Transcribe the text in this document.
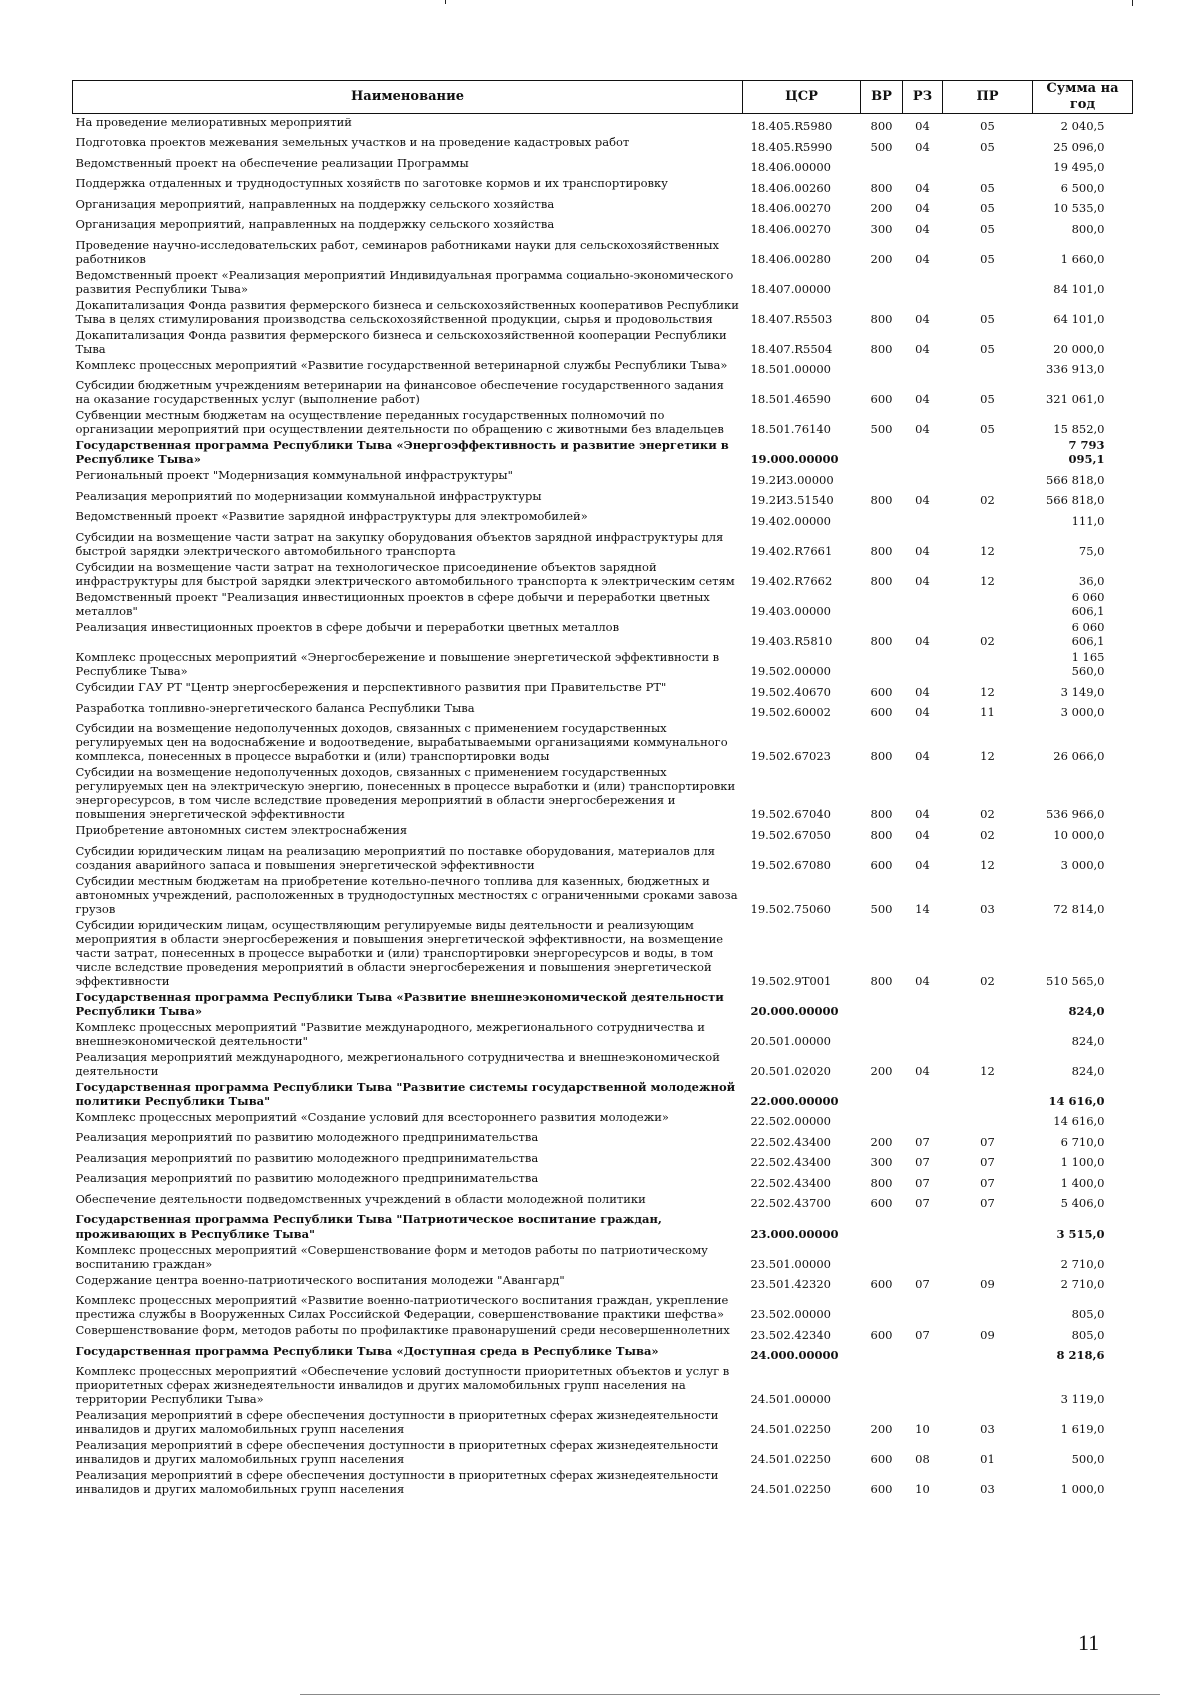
Наименование	ЦСР	ВР	РЗ	ПР	Сумма на год
На проведение мелиоративных мероприятий	18.405.R5980	800	04	05	2 040,5
Подготовка проектов межевания земельных участков и на проведение кадастровых работ	18.405.R5990	500	04	05	25 096,0
Ведомственный проект на обеспечение реализации Программы	18.406.00000				19 495,0
Поддержка отдаленных и труднодоступных хозяйств по заготовке кормов и их транспортировку	18.406.00260	800	04	05	6 500,0
Организация мероприятий, направленных на поддержку сельского хозяйства	18.406.00270	200	04	05	10 535,0
Организация мероприятий, направленных на поддержку сельского хозяйства	18.406.00270	300	04	05	800,0
Проведение научно-исследовательских работ, семинаров работниками науки для сельскохозяйственных работников	18.406.00280	200	04	05	1 660,0
Ведомственный проект «Реализация мероприятий Индивидуальная программа социально-экономического развития Республики Тыва»	18.407.00000				84 101,0
Докапитализация Фонда развития фермерского бизнеса и сельскохозяйственных кооперативов Республики Тыва в целях стимулирования производства сельскохозяйственной продукции, сырья и продовольствия	18.407.R5503	800	04	05	64 101,0
Докапитализация Фонда развития фермерского бизнеса и сельскохозяйственной кооперации Республики Тыва	18.407.R5504	800	04	05	20 000,0
Комплекс процессных мероприятий «Развитие государственной ветеринарной службы Республики Тыва»	18.501.00000				336 913,0
Субсидии бюджетным учреждениям ветеринарии на финансовое обеспечение государственного задания на оказание государственных услуг (выполнение работ)	18.501.46590	600	04	05	321 061,0
Субвенции местным бюджетам на осуществление переданных государственных полномочий по организации мероприятий при осуществлении деятельности по обращению с животными без владельцев	18.501.76140	500	04	05	15 852,0
Государственная программа Республики Тыва «Энергоэффективность и развитие энергетики в Республике Тыва»	19.000.00000				7 793 095,1
Региональный проект "Модернизация коммунальной инфраструктуры"	19.2И3.00000				566 818,0
Реализация мероприятий по модернизации коммунальной инфраструктуры	19.2И3.51540	800	04	02	566 818,0
Ведомственный проект «Развитие зарядной инфраструктуры для электромобилей»	19.402.00000				111,0
Субсидии на возмещение части затрат на закупку оборудования объектов зарядной инфраструктуры для быстрой зарядки электрического автомобильного транспорта	19.402.R7661	800	04	12	75,0
Субсидии на возмещение части затрат на технологическое присоединение объектов зарядной инфраструктуры для быстрой зарядки электрического автомобильного транспорта к электрическим сетям	19.402.R7662	800	04	12	36,0
Ведомственный проект "Реализация инвестиционных проектов в сфере добычи и переработки цветных металлов"	19.403.00000				6 060 606,1
Реализация инвестиционных проектов в сфере добычи и переработки цветных металлов	19.403.R5810	800	04	02	6 060 606,1
Комплекс процессных мероприятий «Энергосбережение и повышение энергетической эффективности в Республике Тыва»	19.502.00000				1 165 560,0
Субсидии ГАУ РТ "Центр энергосбережения и перспективного развития при Правительстве РТ"	19.502.40670	600	04	12	3 149,0
Разработка топливно-энергетического баланса Республики Тыва	19.502.60002	600	04	11	3 000,0
Субсидии на возмещение недополученных доходов, связанных с применением государственных регулируемых цен на водоснабжение и водоотведение, вырабатываемыми организациями коммунального комплекса, понесенных в процессе выработки и (или) транспортировки воды	19.502.67023	800	04	12	26 066,0
Субсидии на возмещение недополученных доходов, связанных с применением государственных регулируемых цен на электрическую энергию, понесенных в процессе выработки и (или) транспортировки энергоресурсов, в том числе вследствие проведения мероприятий в области энергосбережения и повышения энергетической эффективности	19.502.67040	800	04	02	536 966,0
Приобретение автономных систем электроснабжения	19.502.67050	800	04	02	10 000,0
Субсидии юридическим лицам на реализацию мероприятий по поставке оборудования, материалов для создания аварийного запаса и повышения энергетической эффективности	19.502.67080	600	04	12	3 000,0
Субсидии местным бюджетам на приобретение котельно-печного топлива для казенных, бюджетных и автономных учреждений, расположенных в труднодоступных местностях с ограниченными сроками завоза грузов	19.502.75060	500	14	03	72 814,0
Субсидии юридическим лицам, осуществляющим регулируемые виды деятельности и реализующим мероприятия в области энергосбережения и повышения энергетической эффективности, на возмещение части затрат, понесенных в процессе выработки и (или) транспортировки энергоресурсов и воды, в том числе вследствие проведения мероприятий в области энергосбережения и повышения энергетической эффективности	19.502.9Т001	800	04	02	510 565,0
Государственная программа Республики Тыва «Развитие внешнеэкономической деятельности Республики Тыва»	20.000.00000				824,0
Комплекс процессных мероприятий "Развитие международного, межрегионального сотрудничества и внешнеэкономической деятельности"	20.501.00000				824,0
Реализация мероприятий международного, межрегионального сотрудничества и внешнеэкономической деятельности	20.501.02020	200	04	12	824,0
Государственная программа Республики Тыва "Развитие системы государственной молодежной политики Республики Тыва"	22.000.00000				14 616,0
Комплекс процессных мероприятий «Создание условий для всестороннего развития молодежи»	22.502.00000				14 616,0
Реализация мероприятий по развитию молодежного предпринимательства	22.502.43400	200	07	07	6 710,0
Реализация мероприятий по развитию молодежного предпринимательства	22.502.43400	300	07	07	1 100,0
Реализация мероприятий по развитию молодежного предпринимательства	22.502.43400	800	07	07	1 400,0
Обеспечение деятельности подведомственных учреждений в области молодежной политики	22.502.43700	600	07	07	5 406,0
Государственная программа Республики Тыва "Патриотическое воспитание граждан, проживающих в Республике Тыва"	23.000.00000				3 515,0
Комплекс процессных мероприятий «Совершенствование форм и методов работы по патриотическому воспитанию граждан»	23.501.00000				2 710,0
Содержание центра военно-патриотического воспитания молодежи "Авангард"	23.501.42320	600	07	09	2 710,0
Комплекс процессных мероприятий «Развитие военно-патриотического воспитания граждан, укрепление престижа службы в Вооруженных Силах Российской Федерации, совершенствование практики шефства»	23.502.00000				805,0
Совершенствование форм, методов работы по профилактике правонарушений среди несовершеннолетних	23.502.42340	600	07	09	805,0
Государственная программа Республики Тыва «Доступная среда в Республике Тыва»	24.000.00000				8 218,6
Комплекс процессных мероприятий «Обеспечение условий доступности приоритетных объектов и услуг в приоритетных сферах жизнедеятельности инвалидов и других маломобильных групп населения на территории Республики Тыва»	24.501.00000				3 119,0
Реализация мероприятий в сфере обеспечения доступности в приоритетных сферах жизнедеятельности инвалидов и других маломобильных групп населения	24.501.02250	200	10	03	1 619,0
Реализация мероприятий в сфере обеспечения доступности в приоритетных сферах жизнедеятельности инвалидов и других маломобильных групп населения	24.501.02250	600	08	01	500,0
Реализация мероприятий в сфере обеспечения доступности в приоритетных сферах жизнедеятельности инвалидов и других маломобильных групп населения	24.501.02250	600	10	03	1 000,0
11
